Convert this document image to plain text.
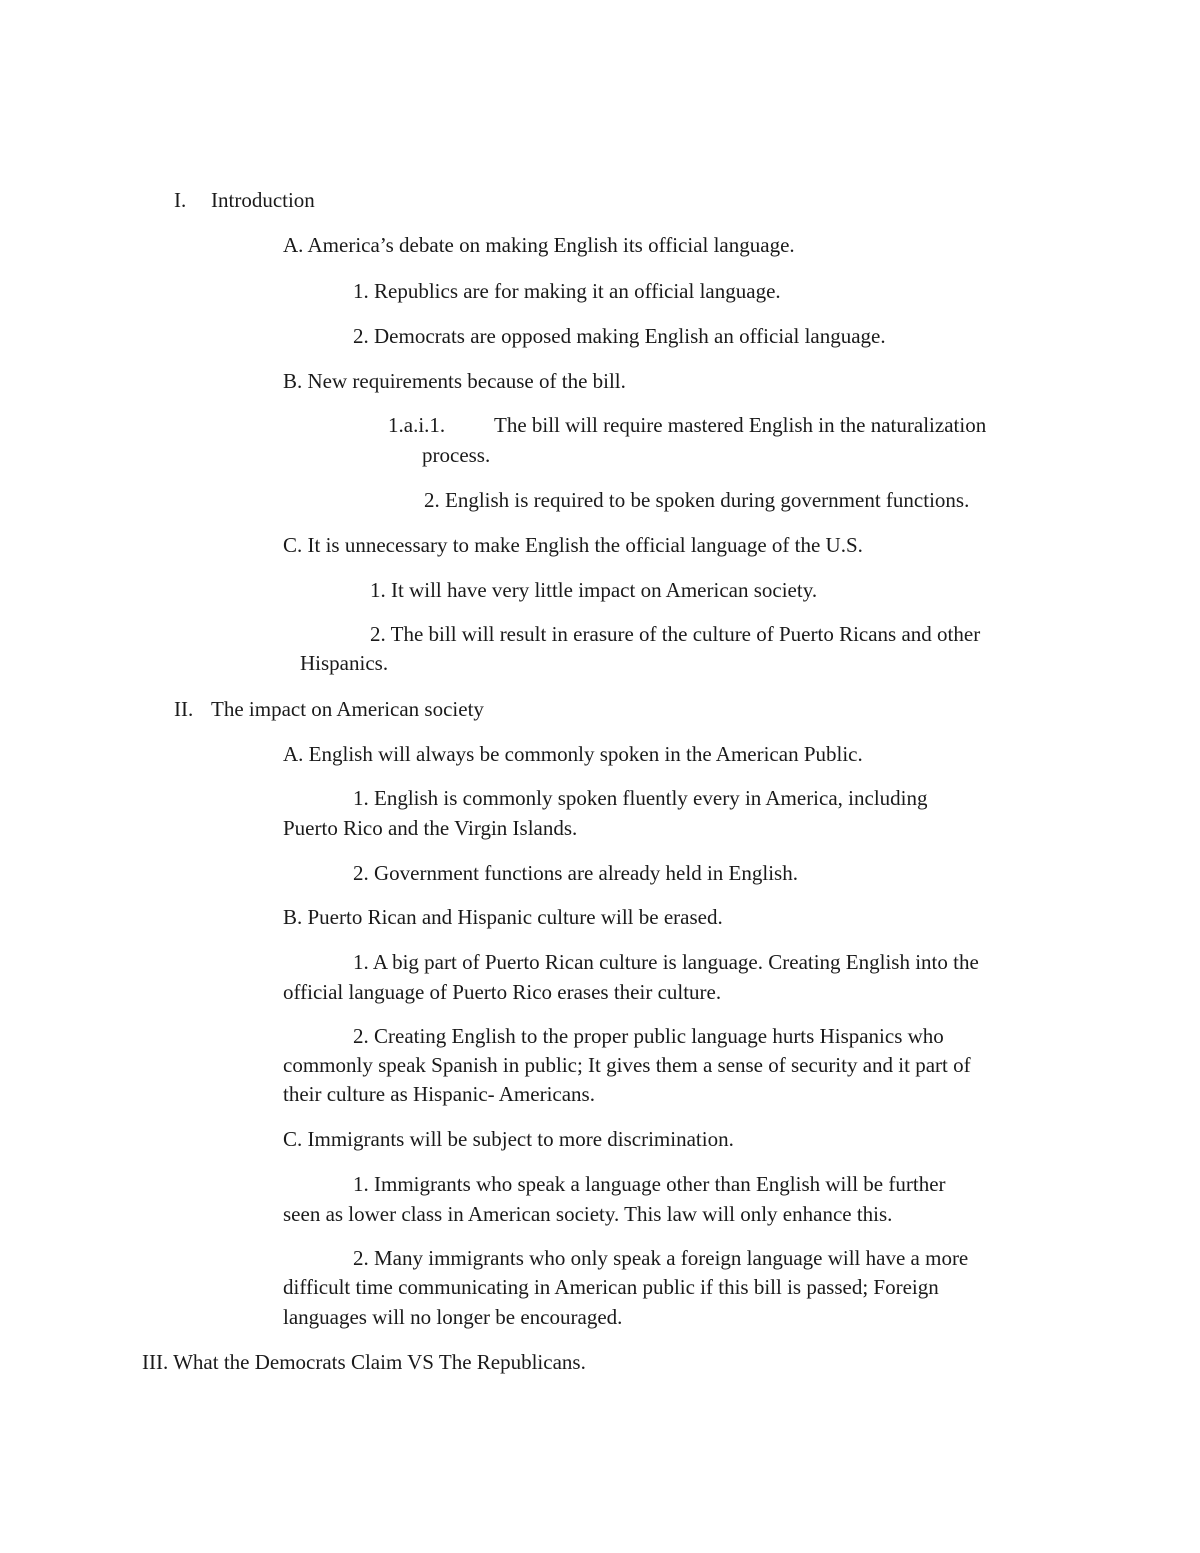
I. Introduction

A. America’s debate on making English its official language.

1. Republics are for making it an official language.

2. Democrats are opposed making English an official language.

B. New requirements because of the bill.

1.a.i.1. The bill will require mastered English in the naturalization

process.

2. English is required to be spoken during government functions.

C. It is unnecessary to make English the official language of the U.S.

1. It will have very little impact on American society.

2. The bill will result in erasure of the culture of Puerto Ricans and other

Hispanics.

II. The impact on American society

A. English will always be commonly spoken in the American Public.

1. English is commonly spoken fluently every in America, including

Puerto Rico and the Virgin Islands.

2. Government functions are already held in English.

B. Puerto Rican and Hispanic culture will be erased.

1. A big part of Puerto Rican culture is language. Creating English into the

official language of Puerto Rico erases their culture.

2. Creating English to the proper public language hurts Hispanics who

commonly speak Spanish in public; It gives them a sense of security and it part of

their culture as Hispanic- Americans.

C. Immigrants will be subject to more discrimination.

1. Immigrants who speak a language other than English will be further

seen as lower class in American society. This law will only enhance this.

2. Many immigrants who only speak a foreign language will have a more

difficult time communicating in American public if this bill is passed; Foreign

languages will no longer be encouraged.

III. What the Democrats Claim VS The Republicans.
